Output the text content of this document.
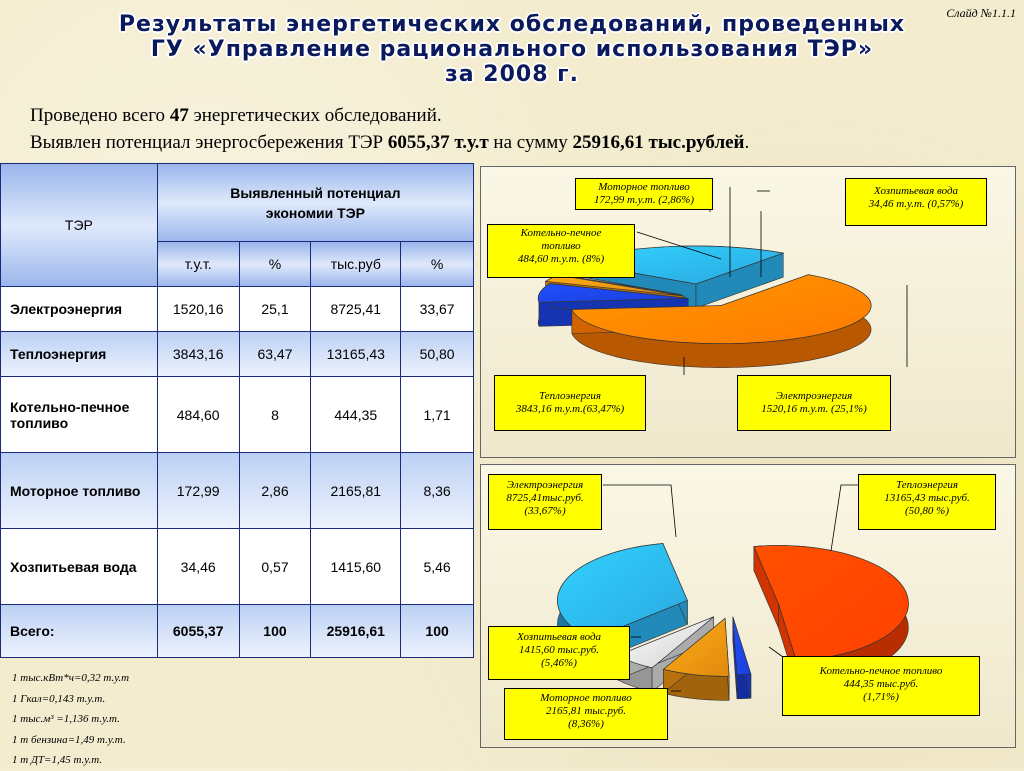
Слайд №1.1.1
Результаты энергетических обследований, проведенных
ГУ «Управление рационального использования ТЭР»
за 2008 г.
Проведено всего 47 энергетических обследований.
Выявлен потенциал энергосбережения ТЭР 6055,37 т.у.т на сумму 25916,61 тыс.рублей.
ТЭР	Выявленный потенциал экономии ТЭР			
	т.у.т.	%	тыс.руб	%
Электроэнергия	1520,16	25,1	8725,41	33,67
Теплоэнергия	3843,16	63,47	13165,43	50,80
Котельно-печное топливо	484,60	8	444,35	1,71
Моторное топливо	172,99	2,86	2165,81	8,36
Хозпитьевая вода	34,46	0,57	1415,60	5,46
Всего:	6055,37	100	25916,61	100
1 тыс.кВт*ч=0,32 т.у.т
1 Гкал=0,143 т.у.т.
1 тыс.м³ =1,136 т.у.т.
1 т бензина=1,49 т.у.т.
1 т ДТ=1,45 т.у.т.
Моторное топливо
172,99 т.у.т. (2,86%)
Хозпитьевая вода
34,46 т.у.т. (0,57%)
Котельно-печное
топливо
484,60 т.у.т. (8%)
Теплоэнергия
3843,16 т.у.т.(63,47%)
Электроэнергия
1520,16 т.у.т. (25,1%)
Электроэнергия
8725,41тыс.руб.
(33,67%)
Теплоэнергия
13165,43 тыс.руб.
(50,80 %)
Хозпитьевая вода
1415,60 тыс.руб.
(5,46%)
Моторное топливо
2165,81 тыс.руб.
(8,36%)
Котельно-печное топливо
444,35 тыс.руб.
(1,71%)
